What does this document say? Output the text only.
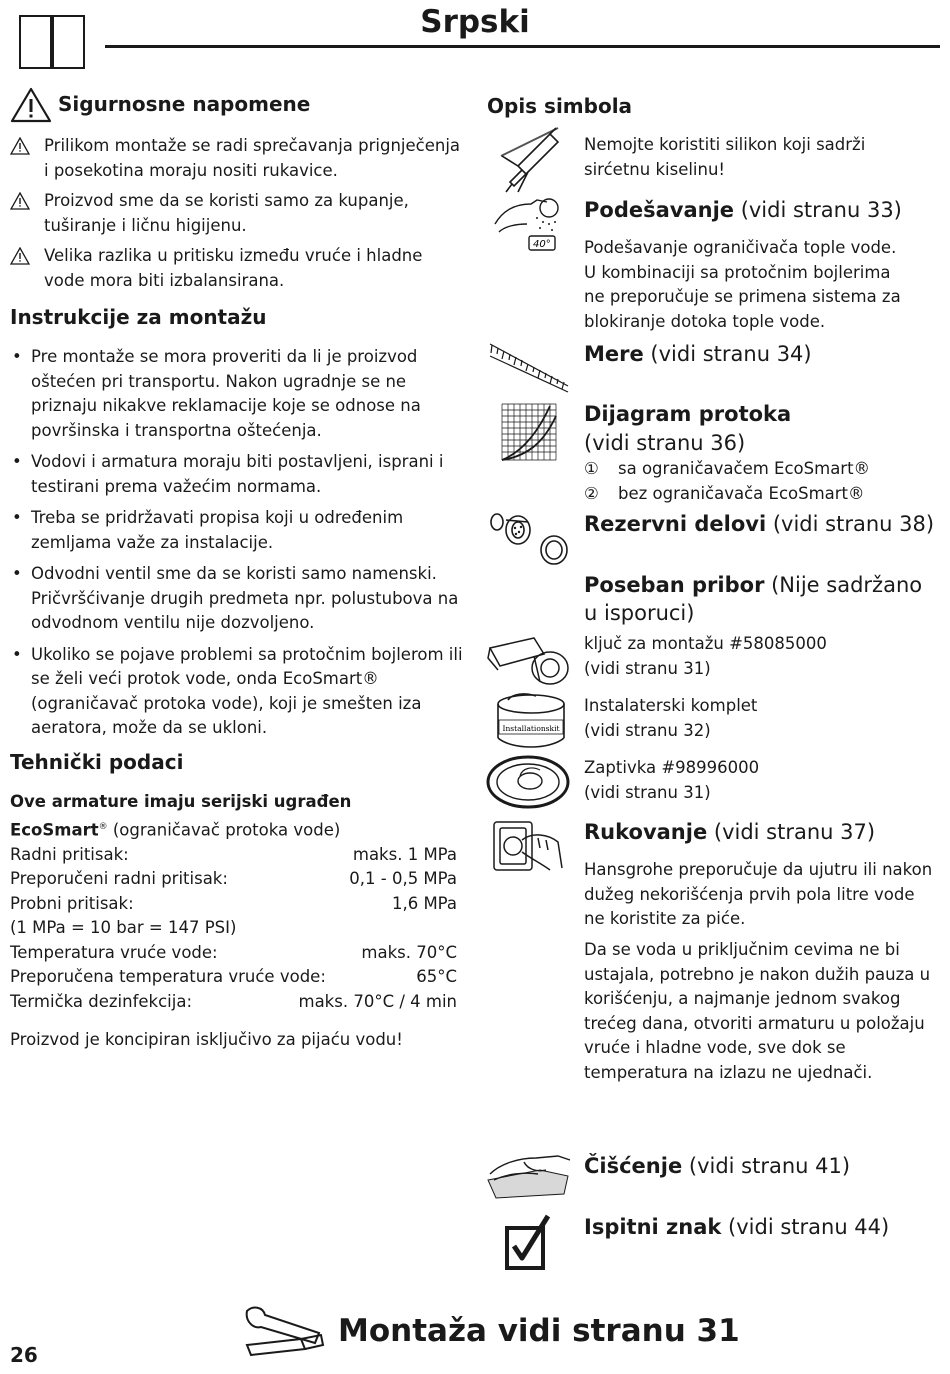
Srpski
Sigurnosne napomene
Prilikom montaže se radi sprečavanja prignječenja i posekotina moraju nositi rukavice.
Proizvod sme da se koristi samo za kupanje, tuširanje i ličnu higijenu.
Velika razlika u pritisku između vruće i hladne vode mora biti izbalansirana.
Instrukcije za montažu
• Pre montaže se mora proveriti da li je proizvod oštećen pri transportu. Nakon ugradnje se ne priznaju nikakve reklamacije koje se odnose na površinska i transportna oštećenja.
• Vodovi i armatura moraju biti postavljeni, isprani i testirani prema važećim normama.
• Treba se pridržavati propisa koji u određenim zemljama važe za instalacije.
• Odvodni ventil sme da se koristi samo namenski. Pričvršćivanje drugih predmeta npr. polustubova na odvodnom ventilu nije dozvoljeno.
• Ukoliko se pojave problemi sa protočnim bojlerom ili se želi veći protok vode, onda EcoSmart® (ograničavač protoka vode), koji je smešten iza aeratora, može da se ukloni.
Tehnički podaci
Ove armature imaju serijski ugrađen
EcoSmart® (ograničavač protoka vode)
Radni pritisak:	maks. 1 MPa
Preporučeni radni pritisak:	0,1 - 0,5 MPa
Probni pritisak:	1,6 MPa
(1 MPa = 10 bar = 147 PSI)
Temperatura vruće vode:	maks. 70°C
Preporučena temperatura vruće vode:	65°C
Termička dezinfekcija:	maks. 70°C / 4 min
Proizvod je koncipiran isključivo za pijaću vodu!
Opis simbola
Nemojte koristiti silikon koji sadrži sirćetnu kiselinu!
40°
Podešavanje (vidi stranu 33)
Podešavanje ograničivača tople vode. U kombinaciji sa protočnim bojlerima ne preporučuje se primena sistema za blokiranje dotoka tople vode.
Mere (vidi stranu 34)
Dijagram protoka
(vidi stranu 36)
① sa ograničavačem EcoSmart®
② bez ograničavača EcoSmart®
Rezervni delovi (vidi stranu 38)
Poseban pribor (Nije sadržano u isporuci)
ključ za montažu #58085000
(vidi stranu 31)
Installationskit
Instalaterski komplet
(vidi stranu 32)
Zaptivka #98996000
(vidi stranu 31)
Rukovanje (vidi stranu 37)
Hansgrohe preporučuje da ujutru ili nakon dužeg nekorišćenja prvih pola litre vode ne koristite za piće.
Da se voda u priključnim cevima ne bi ustajala, potrebno je nakon dužih pauza u korišćenju, a najmanje jednom svakog trećeg dana, otvoriti armaturu u položaju vruće i hladne vode, sve dok se temperatura na izlazu ne ujednači.
Čišćenje (vidi stranu 41)
Ispitni znak (vidi stranu 44)
Montaža vidi stranu 31
26
